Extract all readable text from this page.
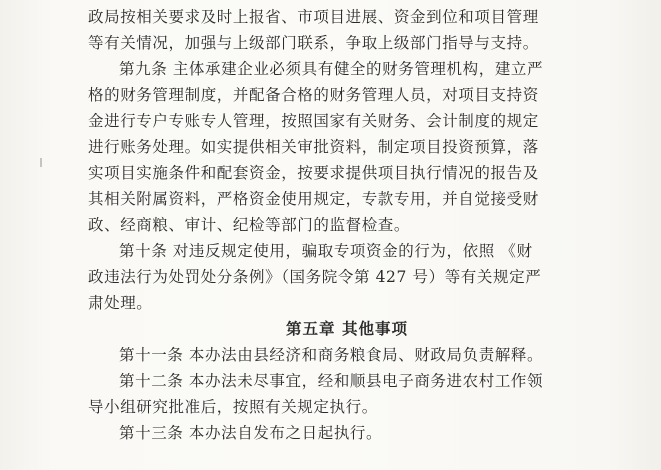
政局按相关要求及时上报省、市项目进展、资金到位和项目管理
等有关情况，加强与上级部门联系，争取上级部门指导与支持。
第九条 主体承建企业必须具有健全的财务管理机构，建立严
格的财务管理制度，并配备合格的财务管理人员，对项目支持资
金进行专户专账专人管理，按照国家有关财务、会计制度的规定
进行账务处理。如实提供相关审批资料，制定项目投资预算，落
实项目实施条件和配套资金，按要求提供项目执行情况的报告及
其相关附属资料，严格资金使用规定，专款专用，并自觉接受财
政、经商粮、审计、纪检等部门的监督检查。
第十条 对违反规定使用，骗取专项资金的行为，依照 《财
政违法行为处罚处分条例》（国务院令第 427 号）等有关规定严
肃处理。
第五章 其他事项
第十一条 本办法由县经济和商务粮食局、财政局负责解释。
第十二条 本办法未尽事宜，经和顺县电子商务进农村工作领
导小组研究批准后，按照有关规定执行。
第十三条 本办法自发布之日起执行。
